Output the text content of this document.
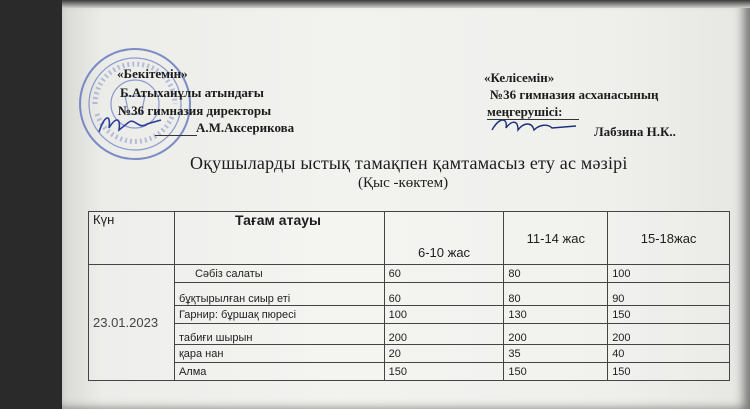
«Бекітемін»
Б.Атыханұлы атындағы
№36 гимназия директоры
А.М.Аксерикова
«Келісемін»
№36 гимназия асханасының
меңгерушісі:
Лабзина Н.К..
Оқушыларды ыстық тамақпен қамтамасыз ету ас мәзірі
(Қыс -көктем)
Күн	Тағам атауы	6-10 жас	11-14 жас	15-18жас

23.01.2023	Сәбіз салаты	60	80	100
	бұқтырылған сиыр еті	60	80	90
	Гарнир: бұршақ пюресі	100	130	150
	табиғи шырын	200	200	200
	қара нан	20	35	40
	Алма	150	150	150
